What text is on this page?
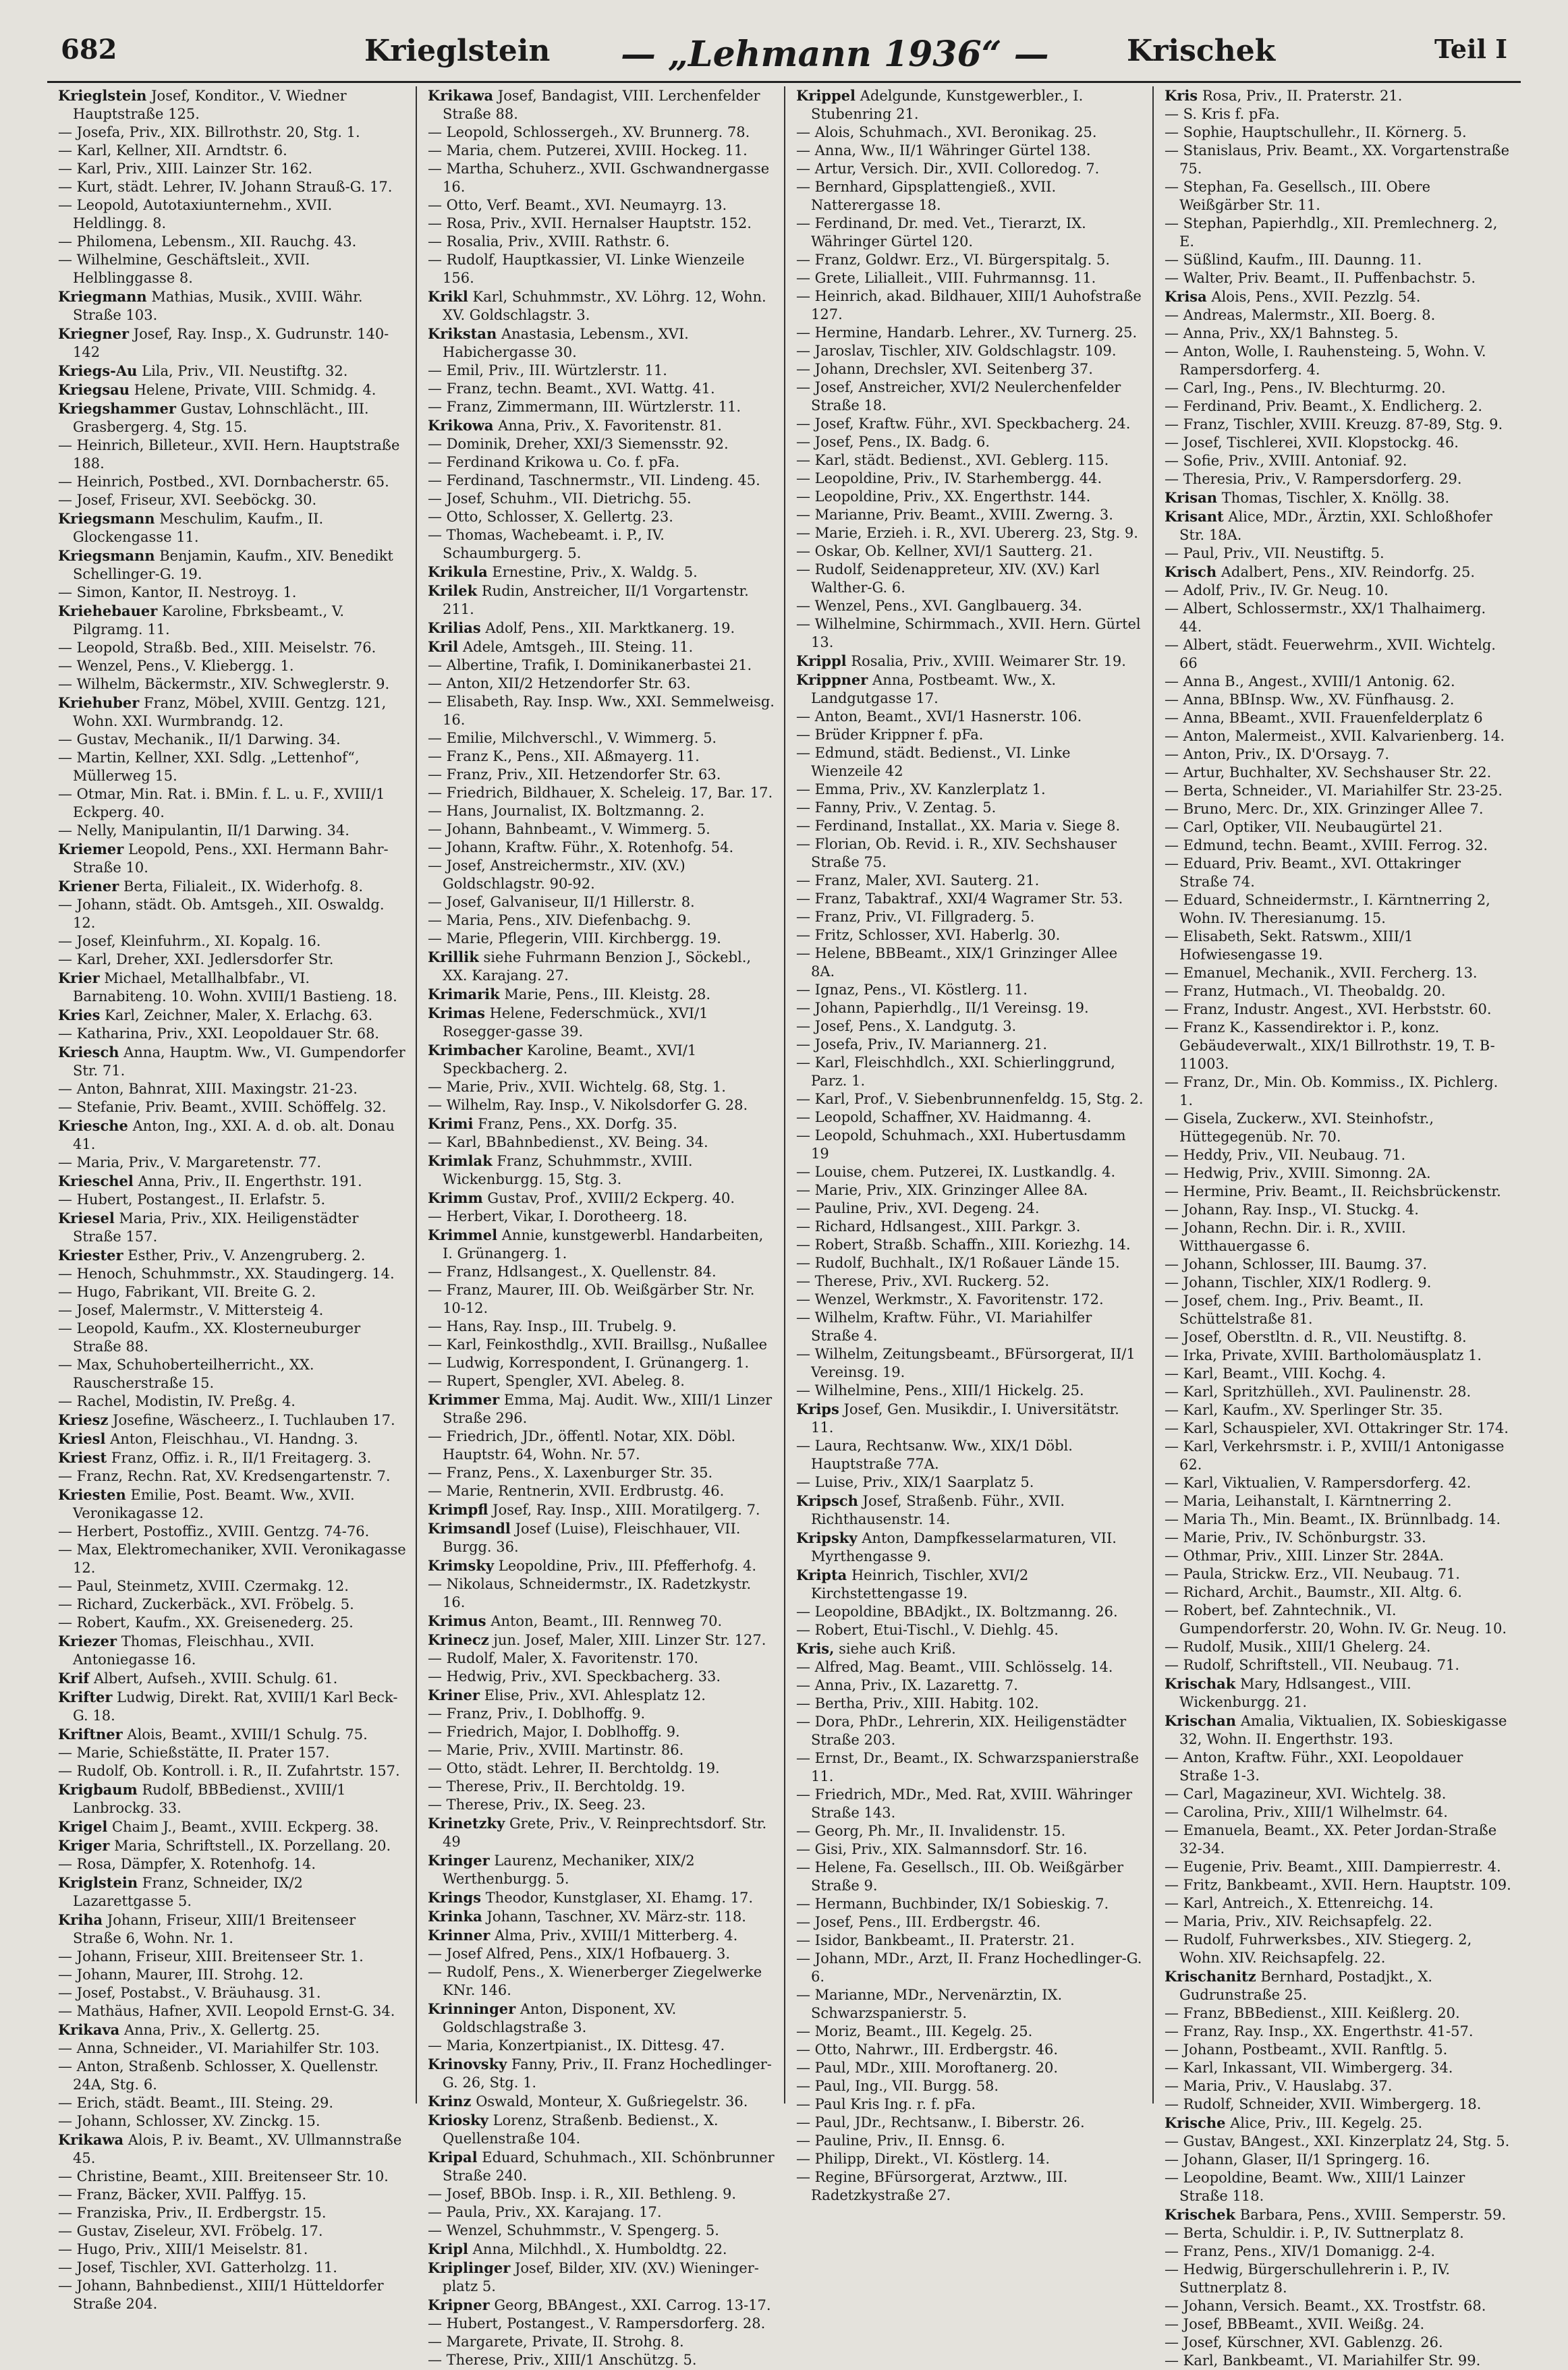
682	Krieglstein — „Lehmann 1936“ —	Krischek	Teil I

Krieglstein Josef, Konditor., V. Wiedner Hauptstraße 125.

— Josefa, Priv., XIX. Billrothstr. 20, Stg. 1.

— Karl, Kellner, XII. Arndtstr. 6.

— Karl, Priv., XIII. Lainzer Str. 162.

— Kurt, städt. Lehrer, IV. Johann Strauß-G. 17.

— Leopold, Autotaxiunternehm., XVII. Heldlingg. 8.

— Philomena, Lebensm., XII. Rauchg. 43.

— Wilhelmine, Geschäftsleit., XVII. Helblinggasse 8.

Kriegmann Mathias, Musik., XVIII. Währ. Straße 103.

Kriegner Josef, Ray. Insp., X. Gudrunstr. 140-142

Kriegs-Au Lila, Priv., VII. Neustiftg. 32.

Kriegsau Helene, Private, VIII. Schmidg. 4.

Kriegshammer Gustav, Lohnschlächt., III. Grasbergerg. 4, Stg. 15.

— Heinrich, Billeteur., XVII. Hern. Hauptstraße 188.

— Heinrich, Postbed., XVI. Dornbacherstr. 65.

— Josef, Friseur, XVI. Seeböckg. 30.

Kriegsmann Meschulim, Kaufm., II. Glockengasse 11.

Kriegsmann Benjamin, Kaufm., XIV. Benedikt Schellinger-G. 19.

— Simon, Kantor, II. Nestroyg. 1.

Kriehebauer Karoline, Fbrksbeamt., V. Pilgramg. 11.

— Leopold, Straßb. Bed., XIII. Meiselstr. 76.

— Wenzel, Pens., V. Kliebergg. 1.

— Wilhelm, Bäckermstr., XIV. Schweglerstr. 9.

Kriehuber Franz, Möbel, XVIII. Gentzg. 121, Wohn. XXI. Wurmbrandg. 12.

— Gustav, Mechanik., II/1 Darwing. 34.

— Martin, Kellner, XXI. Sdlg. „Lettenhof“, Müllerweg 15.

— Otmar, Min. Rat. i. BMin. f. L. u. F., XVIII/1 Eckperg. 40.

— Nelly, Manipulantin, II/1 Darwing. 34.

Kriemer Leopold, Pens., XXI. Hermann Bahr-Straße 10.

Kriener Berta, Filialeit., IX. Widerhofg. 8.

— Johann, städt. Ob. Amtsgeh., XII. Oswaldg. 12.

— Josef, Kleinfuhrm., XI. Kopalg. 16.

— Karl, Dreher, XXI. Jedlersdorfer Str.

Krier Michael, Metallhalbfabr., VI. Barnabiteng. 10. Wohn. XVIII/1 Bastieng. 18.

Kries Karl, Zeichner, Maler, X. Erlachg. 63.

— Katharina, Priv., XXI. Leopoldauer Str. 68.

Kriesch Anna, Hauptm. Ww., VI. Gumpendorfer Str. 71.

— Anton, Bahnrat, XIII. Maxingstr. 21-23.

— Stefanie, Priv. Beamt., XVIII. Schöffelg. 32.

Kriesche Anton, Ing., XXI. A. d. ob. alt. Donau 41.

— Maria, Priv., V. Margaretenstr. 77.

Krieschel Anna, Priv., II. Engerthstr. 191.

— Hubert, Postangest., II. Erlafstr. 5.

Kriesel Maria, Priv., XIX. Heiligenstädter Straße 157.

Kriester Esther, Priv., V. Anzengruberg. 2.

— Henoch, Schuhmmstr., XX. Staudingerg. 14.

— Hugo, Fabrikant, VII. Breite G. 2.

— Josef, Malermstr., V. Mittersteig 4.

— Leopold, Kaufm., XX. Klosterneuburger Straße 88.

— Max, Schuhoberteilherricht., XX. Rauscherstraße 15.

— Rachel, Modistin, IV. Preßg. 4.

Kriesz Josefine, Wäscheerz., I. Tuchlauben 17.

Kriesl Anton, Fleischhau., VI. Handng. 3.

Kriest Franz, Offiz. i. R., II/1 Freitagerg. 3.

— Franz, Rechn. Rat, XV. Kredsengartenstr. 7.

Kriesten Emilie, Post. Beamt. Ww., XVII. Veronikagasse 12.

— Herbert, Postoffiz., XVIII. Gentzg. 74-76.

— Max, Elektromechaniker, XVII. Veronikagasse 12.

— Paul, Steinmetz, XVIII. Czermakg. 12.

— Richard, Zuckerbäck., XVI. Fröbelg. 5.

— Robert, Kaufm., XX. Greisenederg. 25.

Kriezer Thomas, Fleischhau., XVII. Antoniegasse 16.

Krif Albert, Aufseh., XVIII. Schulg. 61.

Krifter Ludwig, Direkt. Rat, XVIII/1 Karl Beck-G. 18.

Kriftner Alois, Beamt., XVIII/1 Schulg. 75.

— Marie, Schießstätte, II. Prater 157.

— Rudolf, Ob. Kontroll. i. R., II. Zufahrtstr. 157.

Krigbaum Rudolf, BBBedienst., XVIII/1 Lanbrockg. 33.

Krigel Chaim J., Beamt., XVIII. Eckperg. 38.

Kriger Maria, Schriftstell., IX. Porzellang. 20.

— Rosa, Dämpfer, X. Rotenhofg. 14.

Kriglstein Franz, Schneider, IX/2 Lazarettgasse 5.

Kriha Johann, Friseur, XIII/1 Breitenseer Straße 6, Wohn. Nr. 1.

— Johann, Friseur, XIII. Breitenseer Str. 1.

— Johann, Maurer, III. Strohg. 12.

— Josef, Postabst., V. Bräuhausg. 31.

— Mathäus, Hafner, XVII. Leopold Ernst-G. 34.

Krikava Anna, Priv., X. Gellertg. 25.

— Anna, Schneider., VI. Mariahilfer Str. 103.

— Anton, Straßenb. Schlosser, X. Quellenstr. 24A, Stg. 6.

— Erich, städt. Beamt., III. Steing. 29.

— Johann, Schlosser, XV. Zinckg. 15.

Krikawa Alois, P. iv. Beamt., XV. Ullmannstraße 45.

— Christine, Beamt., XIII. Breitenseer Str. 10.

— Franz, Bäcker, XVII. Palffyg. 15.

— Franziska, Priv., II. Erdbergstr. 15.

— Gustav, Ziseleur, XVI. Fröbelg. 17.

— Hugo, Priv., XIII/1 Meiselstr. 81.

— Josef, Tischler, XVI. Gatterholzg. 11.

— Johann, Bahnbedienst., XIII/1 Hütteldorfer Straße 204.

Krikawa Josef, Bandagist, VIII. Lerchenfelder Straße 88.

— Leopold, Schlossergeh., XV. Brunnerg. 78.

— Maria, chem. Putzerei, XVIII. Hockeg. 11.

— Martha, Schuherz., XVII. Gschwandnergasse 16.

— Otto, Verf. Beamt., XVI. Neumayrg. 13.

— Rosa, Priv., XVII. Hernalser Hauptstr. 152.

— Rosalia, Priv., XVIII. Rathstr. 6.

— Rudolf, Hauptkassier, VI. Linke Wienzeile 156.

Krikl Karl, Schuhmmstr., XV. Löhrg. 12, Wohn. XV. Goldschlagstr. 3.

Krikstan Anastasia, Lebensm., XVI. Habichergasse 30.

— Emil, Priv., III. Würtzlerstr. 11.

— Franz, techn. Beamt., XVI. Wattg. 41.

— Franz, Zimmermann, III. Würtzlerstr. 11.

Krikowa Anna, Priv., X. Favoritenstr. 81.

— Dominik, Dreher, XXI/3 Siemensstr. 92.

— Ferdinand Krikowa u. Co. f. pFa.

— Ferdinand, Taschnermstr., VII. Lindeng. 45.

— Josef, Schuhm., VII. Dietrichg. 55.

— Otto, Schlosser, X. Gellertg. 23.

— Thomas, Wachebeamt. i. P., IV. Schaumburgerg. 5.

Krikula Ernestine, Priv., X. Waldg. 5.

Krilek Rudin, Anstreicher, II/1 Vorgartenstr. 211.

Krilias Adolf, Pens., XII. Marktkanerg. 19.

Kril Adele, Amtsgeh., III. Steing. 11.

— Albertine, Trafik, I. Dominikanerbastei 21.

— Anton, XII/2 Hetzendorfer Str. 63.

— Elisabeth, Ray. Insp. Ww., XXI. Semmelweisg. 16.

— Emilie, Milchverschl., V. Wimmerg. 5.

— Franz K., Pens., XII. Aßmayerg. 11.

— Franz, Priv., XII. Hetzendorfer Str. 63.

— Friedrich, Bildhauer, X. Scheleig. 17, Bar. 17.

— Hans, Journalist, IX. Boltzmanng. 2.

— Johann, Bahnbeamt., V. Wimmerg. 5.

— Johann, Kraftw. Führ., X. Rotenhofg. 54.

— Josef, Anstreichermstr., XIV. (XV.) Goldschlagstr. 90-92.

— Josef, Galvaniseur, II/1 Hillerstr. 8.

— Maria, Pens., XIV. Diefenbachg. 9.

— Marie, Pflegerin, VIII. Kirchbergg. 19.

Krillik siehe Fuhrmann Benzion J., Söckebl., XX. Karajang. 27.

Krimarik Marie, Pens., III. Kleistg. 28.

Krimas Helene, Federschmück., XVI/1 Rosegger-gasse 39.

Krimbacher Karoline, Beamt., XVI/1 Speckbacherg. 2.

— Marie, Priv., XVII. Wichtelg. 68, Stg. 1.

— Wilhelm, Ray. Insp., V. Nikolsdorfer G. 28.

Krimi Franz, Pens., XX. Dorfg. 35.

— Karl, BBahnbedienst., XV. Being. 34.

Krimlak Franz, Schuhmmstr., XVIII. Wickenburgg. 15, Stg. 3.

Krimm Gustav, Prof., XVIII/2 Eckperg. 40.

— Herbert, Vikar, I. Dorotheerg. 18.

Krimmel Annie, kunstgewerbl. Handarbeiten, I. Grünangerg. 1.

— Franz, Hdlsangest., X. Quellenstr. 84.

— Franz, Maurer, III. Ob. Weißgärber Str. Nr. 10-12.

— Hans, Ray. Insp., III. Trubelg. 9.

— Karl, Feinkosthdlg., XVII. Braillsg., Nußallee

— Ludwig, Korrespondent, I. Grünangerg. 1.

— Rupert, Spengler, XVI. Abeleg. 8.

Krimmer Emma, Maj. Audit. Ww., XIII/1 Linzer Straße 296.

— Friedrich, JDr., öffentl. Notar, XIX. Döbl. Hauptstr. 64, Wohn. Nr. 57.

— Franz, Pens., X. Laxenburger Str. 35.

— Marie, Rentnerin, XVII. Erdbrustg. 46.

Krimpfl Josef, Ray. Insp., XIII. Moratilgerg. 7.

Krimsandl Josef (Luise), Fleischhauer, VII. Burgg. 36.

Krimsky Leopoldine, Priv., III. Pfefferhofg. 4.

— Nikolaus, Schneidermstr., IX. Radetzkystr. 16.

Krimus Anton, Beamt., III. Rennweg 70.

Krinecz jun. Josef, Maler, XIII. Linzer Str. 127.

— Rudolf, Maler, X. Favoritenstr. 170.

— Hedwig, Priv., XVI. Speckbacherg. 33.

Kriner Elise, Priv., XVI. Ahlesplatz 12.

— Franz, Priv., I. Doblhoffg. 9.

— Friedrich, Major, I. Doblhoffg. 9.

— Marie, Priv., XVIII. Martinstr. 86.

— Otto, städt. Lehrer, II. Berchtoldg. 19.

— Therese, Priv., II. Berchtoldg. 19.

— Therese, Priv., IX. Seeg. 23.

Krinetzky Grete, Priv., V. Reinprechtsdorf. Str. 49

Kringer Laurenz, Mechaniker, XIX/2 Werthenburgg. 5.

Krings Theodor, Kunstglaser, XI. Ehamg. 17.

Krinka Johann, Taschner, XV. März-str. 118.

Krinner Alma, Priv., XVIII/1 Mitterberg. 4.

— Josef Alfred, Pens., XIX/1 Hofbauerg. 3.

— Rudolf, Pens., X. Wienerberger Ziegelwerke KNr. 146.

Krinninger Anton, Disponent, XV. Goldschlagstraße 3.

— Maria, Konzertpianist., IX. Dittesg. 47.

Krinovsky Fanny, Priv., II. Franz Hochedlinger-G. 26, Stg. 1.

Krinz Oswald, Monteur, X. Gußriegelstr. 36.

Kriosky Lorenz, Straßenb. Bedienst., X. Quellenstraße 104.

Kripal Eduard, Schuhmach., XII. Schönbrunner Straße 240.

— Josef, BBOb. Insp. i. R., XII. Bethleng. 9.

— Paula, Priv., XX. Karajang. 17.

— Wenzel, Schuhmmstr., V. Spengerg. 5.

Kripl Anna, Milchhdl., X. Humboldtg. 22.

Kriplinger Josef, Bilder, XIV. (XV.) Wieninger-platz 5.

Kripner Georg, BBAngest., XXI. Carrog. 13-17.

— Hubert, Postangest., V. Rampersdorferg. 28.

— Margarete, Private, II. Strohg. 8.

— Therese, Priv., XIII/1 Anschützg. 5.

Krippel Adelgunde, Kunstgewerbler., I. Stubenring 21.

— Alois, Schuhmach., XVI. Beronikag. 25.

— Anna, Ww., II/1 Währinger Gürtel 138.

— Artur, Versich. Dir., XVII. Colloredog. 7.

— Bernhard, Gipsplattengieß., XVII. Natterergasse 18.

— Ferdinand, Dr. med. Vet., Tierarzt, IX. Währinger Gürtel 120.

— Franz, Goldwr. Erz., VI. Bürgerspitalg. 5.

— Grete, Lilialleit., VIII. Fuhrmannsg. 11.

— Heinrich, akad. Bildhauer, XIII/1 Auhofstraße 127.

— Hermine, Handarb. Lehrer., XV. Turnerg. 25.

— Jaroslav, Tischler, XIV. Goldschlagstr. 109.

— Johann, Drechsler, XVI. Seitenberg 37.

— Josef, Anstreicher, XVI/2 Neulerchenfelder Straße 18.

— Josef, Kraftw. Führ., XVI. Speckbacherg. 24.

— Josef, Pens., IX. Badg. 6.

— Karl, städt. Bedienst., XVI. Geblerg. 115.

— Leopoldine, Priv., IV. Starhembergg. 44.

— Leopoldine, Priv., XX. Engerthstr. 144.

— Marianne, Priv. Beamt., XVIII. Zwerng. 3.

— Marie, Erzieh. i. R., XVI. Ubererg. 23, Stg. 9.

— Oskar, Ob. Kellner, XVI/1 Sautterg. 21.

— Rudolf, Seidenappreteur, XIV. (XV.) Karl Walther-G. 6.

— Wenzel, Pens., XVI. Ganglbauerg. 34.

— Wilhelmine, Schirmmach., XVII. Hern. Gürtel 13.

Krippl Rosalia, Priv., XVIII. Weimarer Str. 19.

Krippner Anna, Postbeamt. Ww., X. Landgutgasse 17.

— Anton, Beamt., XVI/1 Hasnerstr. 106.

— Brüder Krippner f. pFa.

— Edmund, städt. Bedienst., VI. Linke Wienzeile 42

— Emma, Priv., XV. Kanzlerplatz 1.

— Fanny, Priv., V. Zentag. 5.

— Ferdinand, Installat., XX. Maria v. Siege 8.

— Florian, Ob. Revid. i. R., XIV. Sechshauser Straße 75.

— Franz, Maler, XVI. Sauterg. 21.

— Franz, Tabaktraf., XXI/4 Wagramer Str. 53.

— Franz, Priv., VI. Fillgraderg. 5.

— Fritz, Schlosser, XVI. Haberlg. 30.

— Helene, BBBeamt., XIX/1 Grinzinger Allee 8A.

— Ignaz, Pens., VI. Köstlerg. 11.

— Johann, Papierhdlg., II/1 Vereinsg. 19.

— Josef, Pens., X. Landgutg. 3.

— Josefa, Priv., IV. Mariannerg. 21.

— Karl, Fleischhdlch., XXI. Schierlinggrund, Parz. 1.

— Karl, Prof., V. Siebenbrunnenfeldg. 15, Stg. 2.

— Leopold, Schaffner, XV. Haidmanng. 4.

— Leopold, Schuhmach., XXI. Hubertusdamm 19

— Louise, chem. Putzerei, IX. Lustkandlg. 4.

— Marie, Priv., XIX. Grinzinger Allee 8A.

— Pauline, Priv., XVI. Degeng. 24.

— Richard, Hdlsangest., XIII. Parkgr. 3.

— Robert, Straßb. Schaffn., XIII. Koriezhg. 14.

— Rudolf, Buchhalt., IX/1 Roßauer Lände 15.

— Therese, Priv., XVI. Ruckerg. 52.

— Wenzel, Werkmstr., X. Favoritenstr. 172.

— Wilhelm, Kraftw. Führ., VI. Mariahilfer Straße 4.

— Wilhelm, Zeitungsbeamt., BFürsorgerat, II/1 Vereinsg. 19.

— Wilhelmine, Pens., XIII/1 Hickelg. 25.

Krips Josef, Gen. Musikdir., I. Universitätstr. 11.

— Laura, Rechtsanw. Ww., XIX/1 Döbl. Hauptstraße 77A.

— Luise, Priv., XIX/1 Saarplatz 5.

Kripsch Josef, Straßenb. Führ., XVII. Richthausenstr. 14.

Kripsky Anton, Dampfkesselarmaturen, VII. Myrthengasse 9.

Kripta Heinrich, Tischler, XVI/2 Kirchstettengasse 19.

— Leopoldine, BBAdjkt., IX. Boltzmanng. 26.

— Robert, Etui-Tischl., V. Diehlg. 45.

Kris, siehe auch Kriß.

— Alfred, Mag. Beamt., VIII. Schlösselg. 14.

— Anna, Priv., IX. Lazarettg. 7.

— Bertha, Priv., XIII. Habitg. 102.

— Dora, PhDr., Lehrerin, XIX. Heiligenstädter Straße 203.

— Ernst, Dr., Beamt., IX. Schwarzspanierstraße 11.

— Friedrich, MDr., Med. Rat, XVIII. Währinger Straße 143.

— Georg, Ph. Mr., II. Invalidenstr. 15.

— Gisi, Priv., XIX. Salmannsdorf. Str. 16.

— Helene, Fa. Gesellsch., III. Ob. Weißgärber Straße 9.

— Hermann, Buchbinder, IX/1 Sobieskig. 7.

— Josef, Pens., III. Erdbergstr. 46.

— Isidor, Bankbeamt., II. Praterstr. 21.

— Johann, MDr., Arzt, II. Franz Hochedlinger-G. 6.

— Marianne, MDr., Nervenärztin, IX. Schwarzspanierstr. 5.

— Moriz, Beamt., III. Kegelg. 25.

— Otto, Nahrwr., III. Erdbergstr. 46.

— Paul, MDr., XIII. Moroftanerg. 20.

— Paul, Ing., VII. Burgg. 58.

— Paul Kris Ing. r. f. pFa.

— Paul, JDr., Rechtsanw., I. Biberstr. 26.

— Pauline, Priv., II. Ennsg. 6.

— Philipp, Direkt., VI. Köstlerg. 14.

— Regine, BFürsorgerat, Arztww., III. Radetzkystraße 27.

Kris Rosa, Priv., II. Praterstr. 21.

— S. Kris f. pFa.

— Sophie, Hauptschullehr., II. Körnerg. 5.

— Stanislaus, Priv. Beamt., XX. Vorgartenstraße 75.

— Stephan, Fa. Gesellsch., III. Obere Weißgärber Str. 11.

— Stephan, Papierhdlg., XII. Premlechnerg. 2, E.

— Süßlind, Kaufm., III. Daunng. 11.

— Walter, Priv. Beamt., II. Puffenbachstr. 5.

Krisa Alois, Pens., XVII. Pezzlg. 54.

— Andreas, Malermstr., XII. Boerg. 8.

— Anna, Priv., XX/1 Bahnsteg. 5.

— Anton, Wolle, I. Rauhensteing. 5, Wohn. V. Rampersdorferg. 4.

— Carl, Ing., Pens., IV. Blechturmg. 20.

— Ferdinand, Priv. Beamt., X. Endlicherg. 2.

— Franz, Tischler, XVIII. Kreuzg. 87-89, Stg. 9.

— Josef, Tischlerei, XVII. Klopstockg. 46.

— Sofie, Priv., XVIII. Antoniaf. 92.

— Theresia, Priv., V. Rampersdorferg. 29.

Krisan Thomas, Tischler, X. Knöllg. 38.

Krisant Alice, MDr., Ärztin, XXI. Schloßhofer Str. 18A.

— Paul, Priv., VII. Neustiftg. 5.

Krisch Adalbert, Pens., XIV. Reindorfg. 25.

— Adolf, Priv., IV. Gr. Neug. 10.

— Albert, Schlossermstr., XX/1 Thalhaimerg. 44.

— Albert, städt. Feuerwehrm., XVII. Wichtelg. 66

— Anna B., Angest., XVIII/1 Antonig. 62.

— Anna, BBInsp. Ww., XV. Fünfhausg. 2.

— Anna, BBeamt., XVII. Frauenfelderplatz 6

— Anton, Malermeist., XVII. Kalvarienberg. 14.

— Anton, Priv., IX. D'Orsayg. 7.

— Artur, Buchhalter, XV. Sechshauser Str. 22.

— Berta, Schneider., VI. Mariahilfer Str. 23-25.

— Bruno, Merc. Dr., XIX. Grinzinger Allee 7.

— Carl, Optiker, VII. Neubaugürtel 21.

— Edmund, techn. Beamt., XVIII. Ferrog. 32.

— Eduard, Priv. Beamt., XVI. Ottakringer Straße 74.

— Eduard, Schneidermstr., I. Kärntnerring 2, Wohn. IV. Theresianumg. 15.

— Elisabeth, Sekt. Ratswm., XIII/1 Hofwiesengasse 19.

— Emanuel, Mechanik., XVII. Fercherg. 13.

— Franz, Hutmach., VI. Theobaldg. 20.

— Franz, Industr. Angest., XVI. Herbststr. 60.

— Franz K., Kassendirektor i. P., konz. Gebäudeverwalt., XIX/1 Billrothstr. 19, T. B-11003.

— Franz, Dr., Min. Ob. Kommiss., IX. Pichlerg. 1.

— Gisela, Zuckerw., XVI. Steinhofstr., Hüttegegenüb. Nr. 70.

— Heddy, Priv., VII. Neubaug. 71.

— Hedwig, Priv., XVIII. Simonng. 2A.

— Hermine, Priv. Beamt., II. Reichsbrückenstr.

— Johann, Ray. Insp., VI. Stuckg. 4.

— Johann, Rechn. Dir. i. R., XVIII. Witthauergasse 6.

— Johann, Schlosser, III. Baumg. 37.

— Johann, Tischler, XIX/1 Rodlerg. 9.

— Josef, chem. Ing., Priv. Beamt., II. Schüttelstraße 81.

— Josef, Oberstltn. d. R., VII. Neustiftg. 8.

— Irka, Private, XVIII. Bartholomäusplatz 1.

— Karl, Beamt., VIII. Kochg. 4.

— Karl, Spritzhülleh., XVI. Paulinenstr. 28.

— Karl, Kaufm., XV. Sperlinger Str. 35.

— Karl, Schauspieler, XVI. Ottakringer Str. 174.

— Karl, Verkehrsmstr. i. P., XVIII/1 Antonigasse 62.

— Karl, Viktualien, V. Rampersdorferg. 42.

— Maria, Leihanstalt, I. Kärntnerring 2.

— Maria Th., Min. Beamt., IX. Brünnlbadg. 14.

— Marie, Priv., IV. Schönburgstr. 33.

— Othmar, Priv., XIII. Linzer Str. 284A.

— Paula, Strickw. Erz., VII. Neubaug. 71.

— Richard, Archit., Baumstr., XII. Altg. 6.

— Robert, bef. Zahntechnik., VI. Gumpendorferstr. 20, Wohn. IV. Gr. Neug. 10.

— Rudolf, Musik., XIII/1 Ghelerg. 24.

— Rudolf, Schriftstell., VII. Neubaug. 71.

Krischak Mary, Hdlsangest., VIII. Wickenburgg. 21.

Krischan Amalia, Viktualien, IX. Sobieskigasse 32, Wohn. II. Engerthstr. 193.

— Anton, Kraftw. Führ., XXI. Leopoldauer Straße 1-3.

— Carl, Magazineur, XVI. Wichtelg. 38.

— Carolina, Priv., XIII/1 Wilhelmstr. 64.

— Emanuela, Beamt., XX. Peter Jordan-Straße 32-34.

— Eugenie, Priv. Beamt., XIII. Dampierrestr. 4.

— Fritz, Bankbeamt., XVII. Hern. Hauptstr. 109.

— Karl, Antreich., X. Ettenreichg. 14.

— Maria, Priv., XIV. Reichsapfelg. 22.

— Rudolf, Fuhrwerksbes., XIV. Stiegerg. 2, Wohn. XIV. Reichsapfelg. 22.

Krischanitz Bernhard, Postadjkt., X. Gudrunstraße 25.

— Franz, BBBedienst., XIII. Keißlerg. 20.

— Franz, Ray. Insp., XX. Engerthstr. 41-57.

— Johann, Postbeamt., XVII. Ranftlg. 5.

— Karl, Inkassant, VII. Wimbergerg. 34.

— Maria, Priv., V. Hauslabg. 37.

— Rudolf, Schneider, XVII. Wimbergerg. 18.

Krische Alice, Priv., III. Kegelg. 25.

— Gustav, BAngest., XXI. Kinzerplatz 24, Stg. 5.

— Johann, Glaser, II/1 Springerg. 16.

— Leopoldine, Beamt. Ww., XIII/1 Lainzer Straße 118.

Krischek Barbara, Pens., XVIII. Semperstr. 59.

— Berta, Schuldir. i. P., IV. Suttnerplatz 8.

— Franz, Pens., XIV/1 Domanigg. 2-4.

— Hedwig, Bürgerschullehrerin i. P., IV. Suttnerplatz 8.

— Johann, Versich. Beamt., XX. Trostfstr. 68.

— Josef, BBBeamt., XVII. Weißg. 24.

— Josef, Kürschner, XVI. Gablenzg. 26.

— Karl, Bankbeamt., VI. Mariahilfer Str. 99.
